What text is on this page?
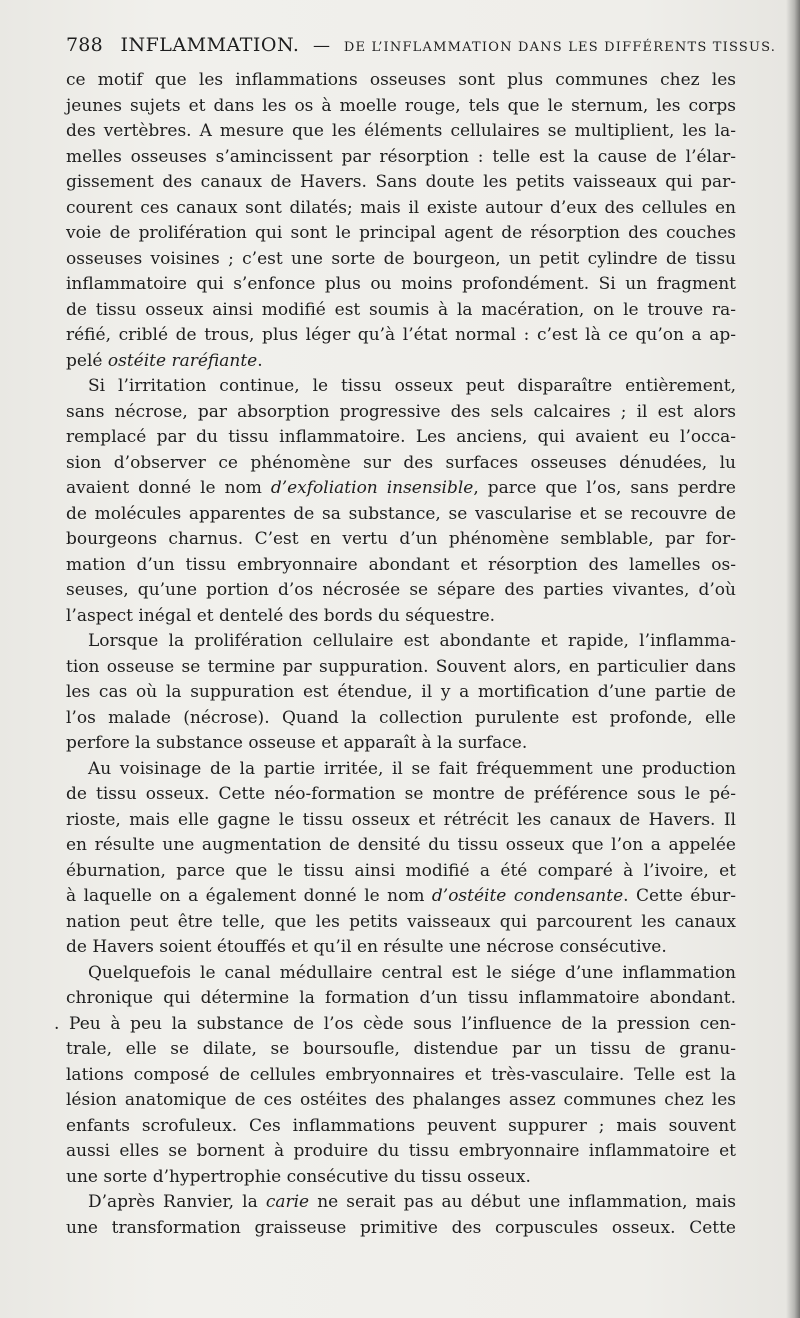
788 INFLAMMATION. — DE L’INFLAMMATION DANS LES DIFFÉRENTS TISSUS.
ce motif que les inflammations osseuses sont plus communes chez les
jeunes sujets et dans les os à moelle rouge, tels que le sternum, les corps
des vertèbres. A mesure que les éléments cellulaires se multiplient, les la-
melles osseuses s’amincissent par résorption : telle est la cause de l’élar-
gissement des canaux de Havers. Sans doute les petits vaisseaux qui par-
courent ces canaux sont dilatés; mais il existe autour d’eux des cellules en
voie de prolifération qui sont le principal agent de résorption des couches
osseuses voisines ; c’est une sorte de bourgeon, un petit cylindre de tissu
inflammatoire qui s’enfonce plus ou moins profondément. Si un fragment
de tissu osseux ainsi modifié est soumis à la macération, on le trouve ra-
réfié, criblé de trous, plus léger qu’à l’état normal : c’est là ce qu’on a ap-
pelé ostéite raréfiante.
Si l’irritation continue, le tissu osseux peut disparaître entièrement,
sans nécrose, par absorption progressive des sels calcaires ; il est alors
remplacé par du tissu inflammatoire. Les anciens, qui avaient eu l’occa-
sion d’observer ce phénomène sur des surfaces osseuses dénudées, lu
avaient donné le nom d’exfoliation insensible, parce que l’os, sans perdre
de molécules apparentes de sa substance, se vascularise et se recouvre de
bourgeons charnus. C’est en vertu d’un phénomène semblable, par for-
mation d’un tissu embryonnaire abondant et résorption des lamelles os-
seuses, qu’une portion d’os nécrosée se sépare des parties vivantes, d’où
l’aspect inégal et dentelé des bords du séquestre.
Lorsque la prolifération cellulaire est abondante et rapide, l’inflamma-
tion osseuse se termine par suppuration. Souvent alors, en particulier dans
les cas où la suppuration est étendue, il y a mortification d’une partie de
l’os malade (nécrose). Quand la collection purulente est profonde, elle
perfore la substance osseuse et apparaît à la surface.
Au voisinage de la partie irritée, il se fait fréquemment une production
de tissu osseux. Cette néo-formation se montre de préférence sous le pé-
rioste, mais elle gagne le tissu osseux et rétrécit les canaux de Havers. Il
en résulte une augmentation de densité du tissu osseux que l’on a appelée
éburnation, parce que le tissu ainsi modifié a été comparé à l’ivoire, et
à laquelle on a également donné le nom d’ostéite condensante. Cette ébur-
nation peut être telle, que les petits vaisseaux qui parcourent les canaux
de Havers soient étouffés et qu’il en résulte une nécrose consécutive.
Quelquefois le canal médullaire central est le siége d’une inflammation
chronique qui détermine la formation d’un tissu inflammatoire abondant.
. Peu à peu la substance de l’os cède sous l’influence de la pression cen-
trale, elle se dilate, se boursoufle, distendue par un tissu de granu-
lations composé de cellules embryonnaires et très-vasculaire. Telle est la
lésion anatomique de ces ostéites des phalanges assez communes chez les
enfants scrofuleux. Ces inflammations peuvent suppurer ; mais souvent
aussi elles se bornent à produire du tissu embryonnaire inflammatoire et
une sorte d’hypertrophie consécutive du tissu osseux.
D’après Ranvier, la carie ne serait pas au début une inflammation, mais
une transformation graisseuse primitive des corpuscules osseux. Cette
